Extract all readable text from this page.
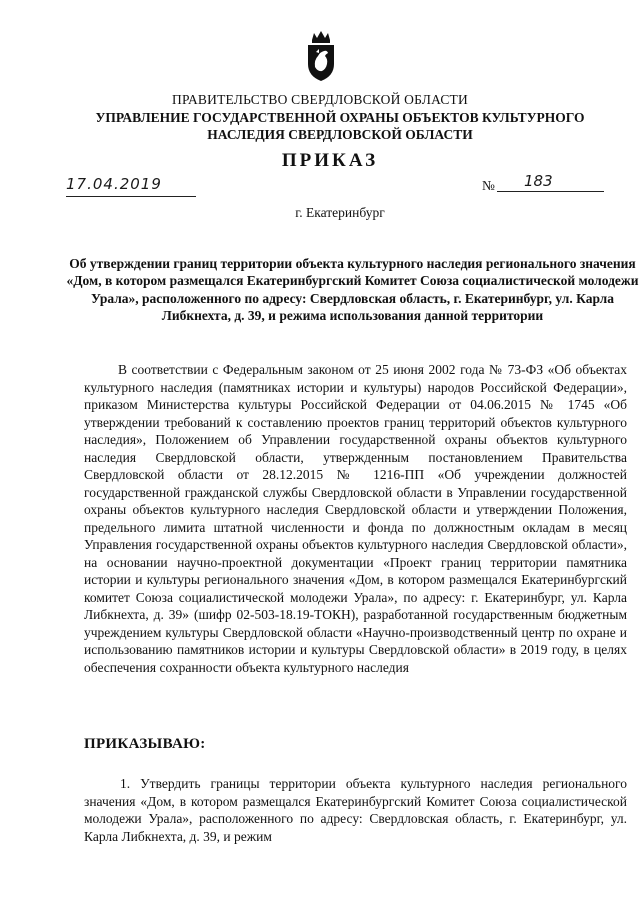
ПРАВИТЕЛЬСТВО СВЕРДЛОВСКОЙ ОБЛАСТИ
УПРАВЛЕНИЕ ГОСУДАРСТВЕННОЙ ОХРАНЫ ОБЪЕКТОВ КУЛЬТУРНОГО НАСЛЕДИЯ СВЕРДЛОВСКОЙ ОБЛАСТИ
ПРИКАЗ
17.04.2019	№ 183
г. Екатеринбург
Об утверждении границ территории объекта культурного наследия регионального значения «Дом, в котором размещался Екатеринбургский Комитет Союза социалистической молодежи Урала», расположенного по адресу: Свердловская область, г. Екатеринбург, ул. Карла Либкнехта, д. 39, и режима использования данной территории

В соответствии с Федеральным законом от 25 июня 2002 года № 73-ФЗ «Об объектах культурного наследия (памятниках истории и культуры) народов Российской Федерации», приказом Министерства культуры Российской Федерации от 04.06.2015 № 1745 «Об утверждении требований к составлению проектов границ территорий объектов культурного наследия», Положением об Управлении государственной охраны объектов культурного наследия Свердловской области, утвержденным постановлением Правительства Свердловской области от 28.12.2015 № 1216-ПП «Об учреждении должностей государственной гражданской службы Свердловской области в Управлении государственной охраны объектов культурного наследия Свердловской области и утверждении Положения, предельного лимита штатной численности и фонда по должностным окладам в месяц Управления государственной охраны объектов культурного наследия Свердловской области», на основании научно-проектной документации «Проект границ территории памятника истории и культуры регионального значения «Дом, в котором размещался Екатеринбургский комитет Союза социалистической молодежи Урала», по адресу: г. Екатеринбург, ул. Карла Либкнехта, д. 39» (шифр 02-503-18.19-ТОКН), разработанной государственным бюджетным учреждением культуры Свердловской области «Научно-производственный центр по охране и использованию памятников истории и культуры Свердловской области» в 2019 году, в целях обеспечения сохранности объекта культурного наследия

ПРИКАЗЫВАЮ:

1. Утвердить границы территории объекта культурного наследия регионального значения «Дом, в котором размещался Екатеринбургский Комитет Союза социалистической молодежи Урала», расположенного по адресу: Свердловская область, г. Екатеринбург, ул. Карла Либкнехта, д. 39, и режим
